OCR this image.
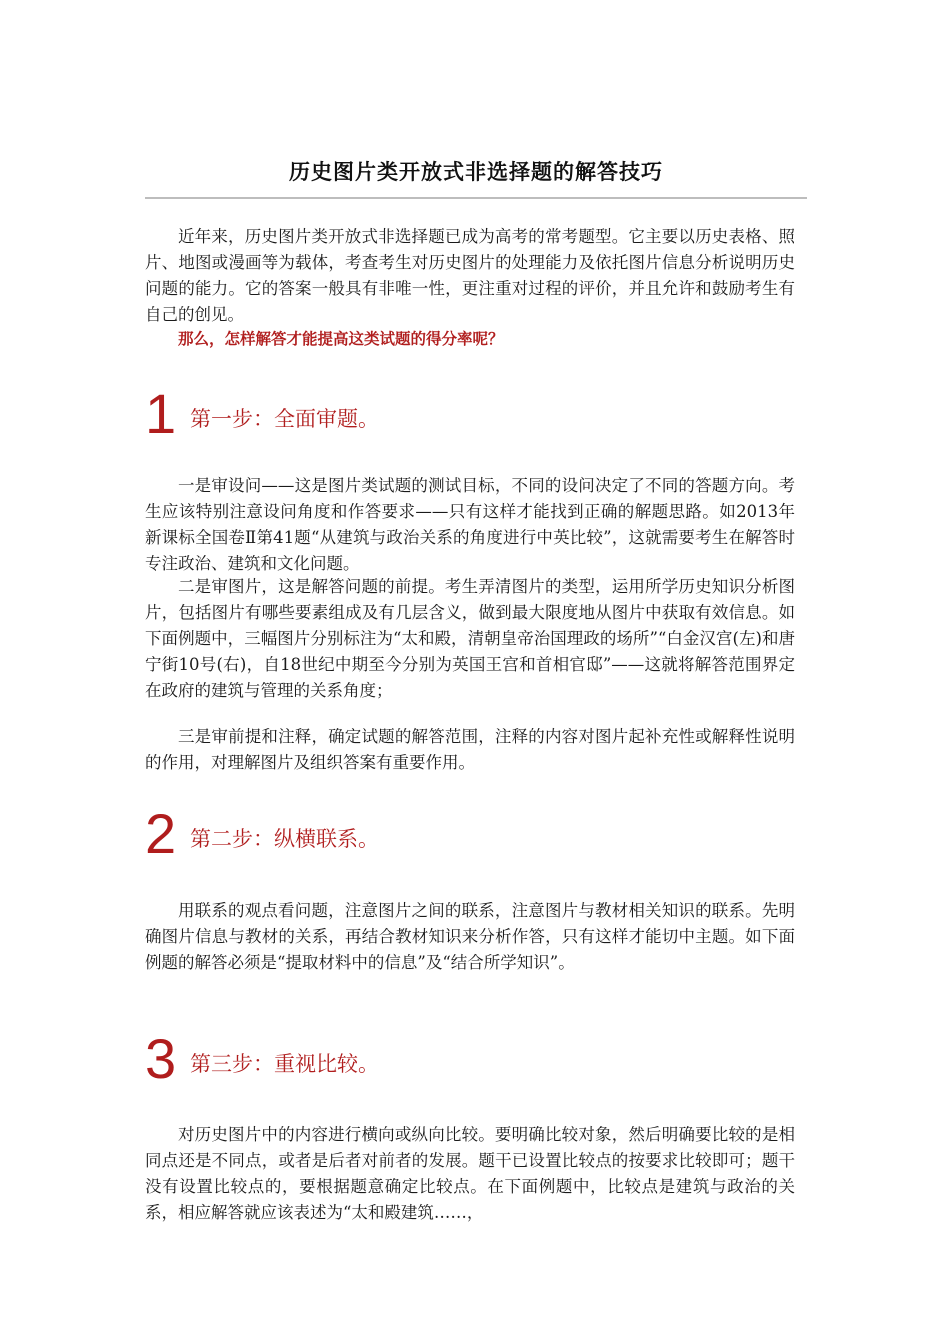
历史图片类开放式非选择题的解答技巧

近年来，历史图片类开放式非选择题已成为高考的常考题型。它主要以历史表格、照片、地图或漫画等为载体，考查考生对历史图片的处理能力及依托图片信息分析说明历史问题的能力。它的答案一般具有非唯一性，更注重对过程的评价，并且允许和鼓励考生有自己的创见。

那么，怎样解答才能提高这类试题的得分率呢？
1 第一步：全面审题。

一是审设问——这是图片类试题的测试目标，不同的设问决定了不同的答题方向。考生应该特别注意设问角度和作答要求——只有这样才能找到正确的解题思路。如2013年新课标全国卷Ⅱ第41题“从建筑与政治关系的角度进行中英比较”，这就需要考生在解答时专注政治、建筑和文化问题。

二是审图片，这是解答问题的前提。考生弄清图片的类型，运用所学历史知识分析图片，包括图片有哪些要素组成及有几层含义，做到最大限度地从图片中获取有效信息。如下面例题中，三幅图片分别标注为“太和殿，清朝皇帝治国理政的场所”“白金汉宫(左)和唐宁街10号(右)，自18世纪中期至今分别为英国王宫和首相官邸”——这就将解答范围界定在政府的建筑与管理的关系角度；

三是审前提和注释，确定试题的解答范围，注释的内容对图片起补充性或解释性说明的作用，对理解图片及组织答案有重要作用。

2 第二步：纵横联系。

用联系的观点看问题，注意图片之间的联系，注意图片与教材相关知识的联系。先明确图片信息与教材的关系，再结合教材知识来分析作答，只有这样才能切中主题。如下面例题的解答必须是“提取材料中的信息”及“结合所学知识”。

3 第三步：重视比较。

对历史图片中的内容进行横向或纵向比较。要明确比较对象，然后明确要比较的是相同点还是不同点，或者是后者对前者的发展。题干已设置比较点的按要求比较即可；题干没有设置比较点的，要根据题意确定比较点。在下面例题中，比较点是建筑与政治的关系，相应解答就应该表述为“太和殿建筑……，
